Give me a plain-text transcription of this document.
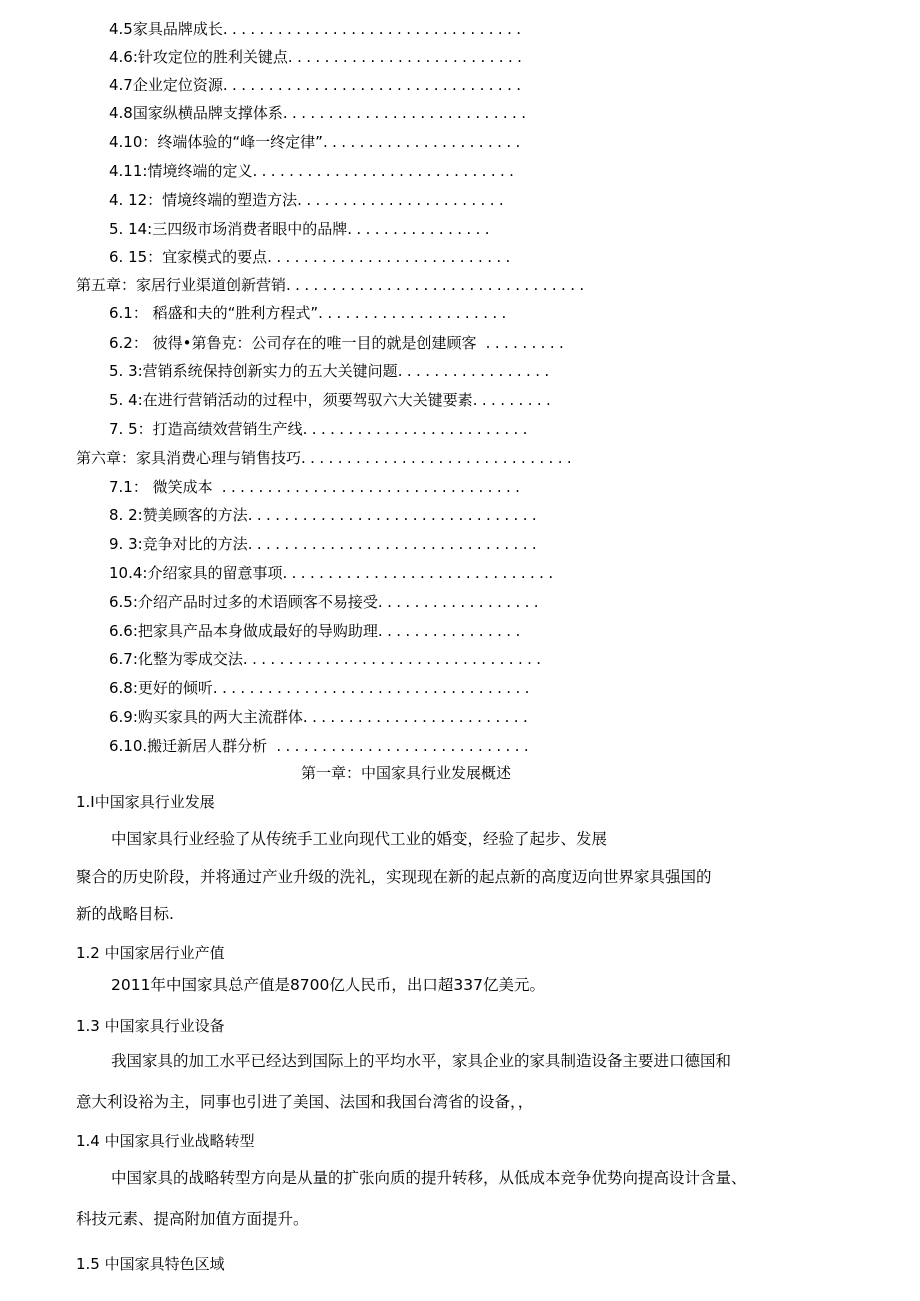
4.5家具品牌成长.................................
4.6:针攻定位的胜利关键点..........................
4.7企业定位资源.................................
4.8国家纵横品牌支撑体系...........................
4.10：终端体验的“峰一终定律”......................
4.11:情境终端的定义.............................
4. 12：情境终端的塑造方法.......................
5. 14:三四级市场消费者眼中的品牌................
6. 15：宜家模式的要点...........................
第五章：家居行业渠道创新营销.................................
6.1： 稻盛和夫的“胜利方程式”.....................
6.2： 彼得•第鲁克：公司存在的唯一目的就是创建顾客 .........
5. 3:营销系统保持创新实力的五大关键问题.................
5. 4:在进行营销活动的过程中，须要驾驭六大关键要素.........
7. 5：打造高绩效营销生产线.........................
第六章：家具消费心理与销售技巧..............................
7.1： 微笑成本 .................................
8. 2:赞美顾客的方法................................
9. 3:竞争对比的方法................................
10.4:介绍家具的留意事项..............................
6.5:介绍产品时过多的术语顾客不易接受..................
6.6:把家具产品本身做成最好的导购助理................
6.7:化整为零成交法.................................
6.8:更好的倾听...................................
6.9:购买家具的两大主流群体.........................
6.10.搬迁新居人群分析 ............................
第一章：中国家具行业发展概述
1.I中国家具行业发展
中国家具行业经验了从传统手工业向现代工业的婚变，经验了起步、发展
聚合的历史阶段，并将通过产业升级的洗礼，实现现在新的起点新的高度迈向世界家具强国的
新的战略目标.
1.2 中国家居行业产值
2011年中国家具总产值是8700亿人民币，出口超337亿美元。
1.3 中国家具行业设备
我国家具的加工水平已经达到国际上的平均水平，家具企业的家具制造设备主要进口德国和
意大利设裕为主，同事也引进了美国、法国和我国台湾省的设备，，
1.4 中国家具行业战略转型
中国家具的战略转型方向是从量的扩张向质的提升转移，从低成本竞争优势向提高设计含量、
科技元素、提高附加值方面提升。
1.5 中国家具特色区域
